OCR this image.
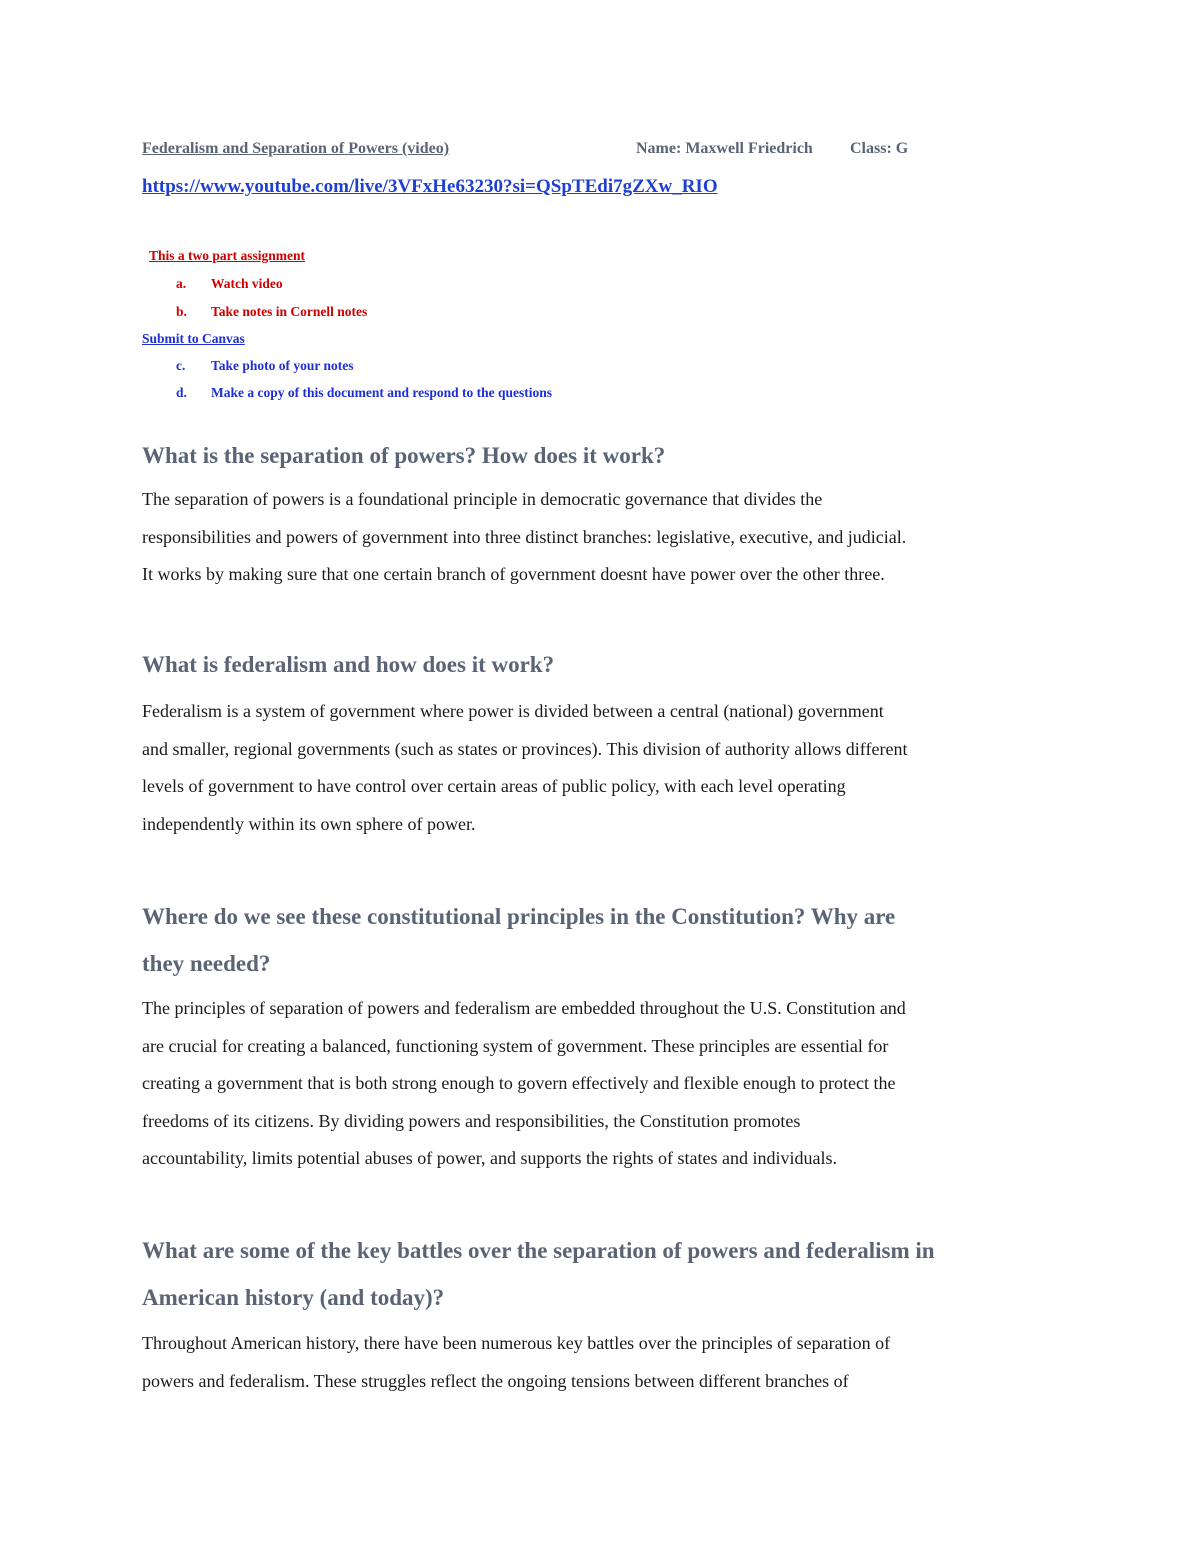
Federalism and Separation of Powers (video)	Name: Maxwell Friedrich Class: G
https://www.youtube.com/live/3VFxHe63230?si=QSpTEdi7gZXw_RIO
This a two part assignment
a. Watch video
b. Take notes in Cornell notes
Submit to Canvas
c. Take photo of your notes
d. Make a copy of this document and respond to the questions
What is the separation of powers? How does it work?
The separation of powers is a foundational principle in democratic governance that divides the
responsibilities and powers of government into three distinct branches: legislative, executive, and judicial.
It works by making sure that one certain branch of government doesnt have power over the other three.
What is federalism and how does it work?
Federalism is a system of government where power is divided between a central (national) government
and smaller, regional governments (such as states or provinces). This division of authority allows different
levels of government to have control over certain areas of public policy, with each level operating
independently within its own sphere of power.
Where do we see these constitutional principles in the Constitution? Why are
they needed?
The principles of separation of powers and federalism are embedded throughout the U.S. Constitution and
are crucial for creating a balanced, functioning system of government. These principles are essential for
creating a government that is both strong enough to govern effectively and flexible enough to protect the
freedoms of its citizens. By dividing powers and responsibilities, the Constitution promotes
accountability, limits potential abuses of power, and supports the rights of states and individuals.
What are some of the key battles over the separation of powers and federalism in
American history (and today)?
Throughout American history, there have been numerous key battles over the principles of separation of
powers and federalism. These struggles reflect the ongoing tensions between different branches of
